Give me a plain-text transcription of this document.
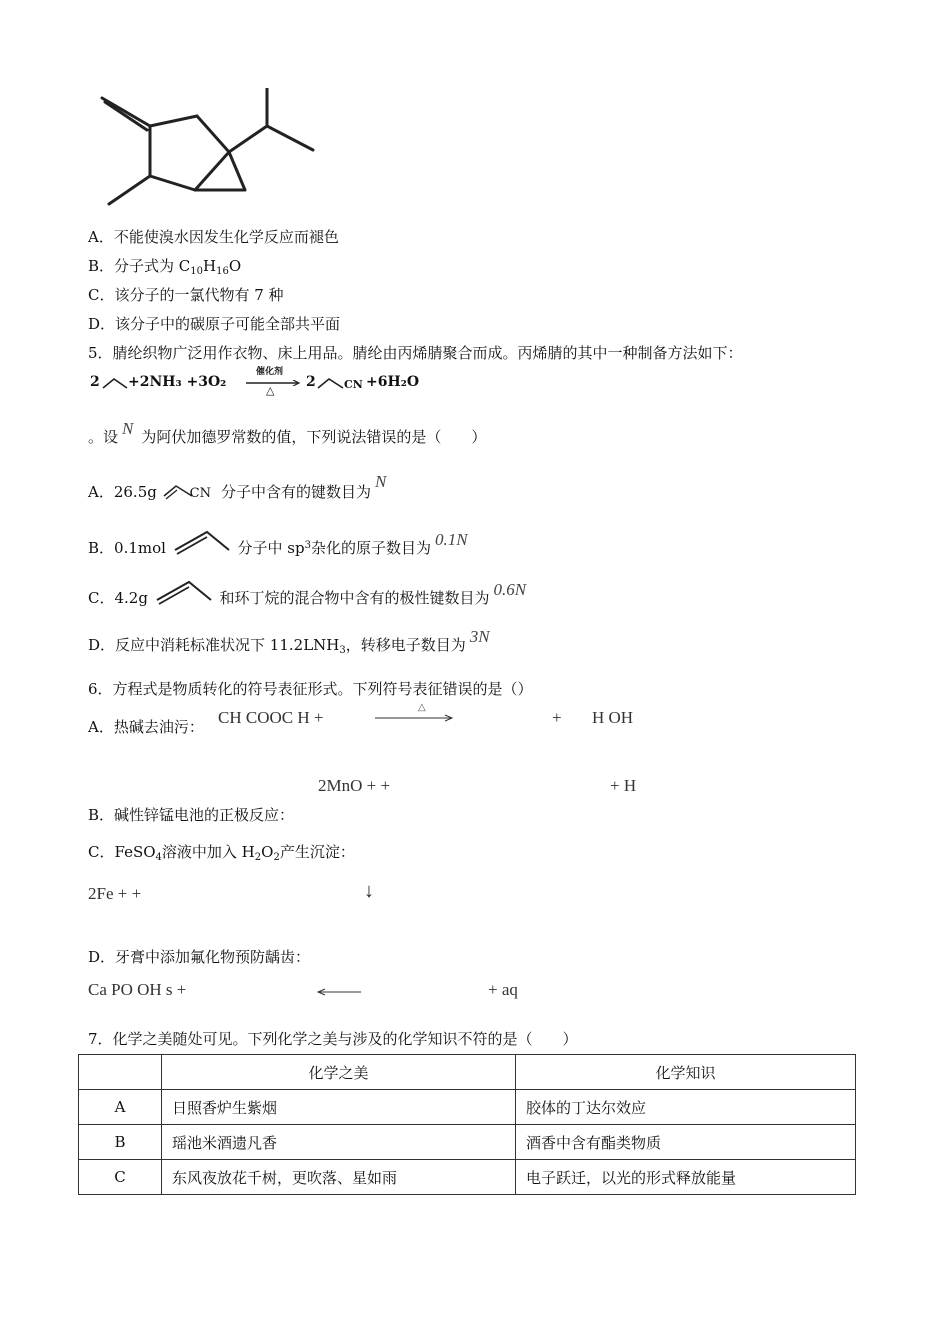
A．不能使溴水因发生化学反应而褪色
B．分子式为 $C_{10}H_{16}O$
C．该分子的一氯代物有 7 种
D．该分子中的碳原子可能全部共平面
5．腈纶织物广泛用作衣物、床上用品。腈纶由丙烯腈聚合而成。丙烯腈的其中一种制备方法如下：
2 +2NH₃ +3O₂
催化剂
△
2	CN +6H₂O
。设 N 为阿伏加德罗常数的值，下列说法错误的是（　　）
A．26.5g	CN 分子中含有的键数目为N
B．0.1mol	分子中 $sp^3$杂化的原子数目为 0.1N
C．4.2g	和环丁烷的混合物中含有的极性键数目为 0.6N
D．反应中消耗标准状况下 $11.2LNH_3$，转移电子数目为 3N
6．方程式是物质转化的符号表征形式。下列符号表征错误的是（）
A．热碱去油污： CH COOC H +
△
+ H OH
2MnO + +	+ H
B．碱性锌锰电池的正极反应：
C．FeSO$_4$溶液中加入 $H_2O_2$产生沉淀：
2Fe + +	↓
D．牙膏中添加氟化物预防龋齿：
Ca PO OH s +	+ aq
7．化学之美随处可见。下列化学之美与涉及的化学知识不符的是（　　）
	化学之美	化学知识
A	日照香炉生紫烟	胶体的丁达尔效应
B	瑶池米酒遗凡香	酒香中含有酯类物质
C	东风夜放花千树，更吹落、星如雨	电子跃迁，以光的形式释放能量
